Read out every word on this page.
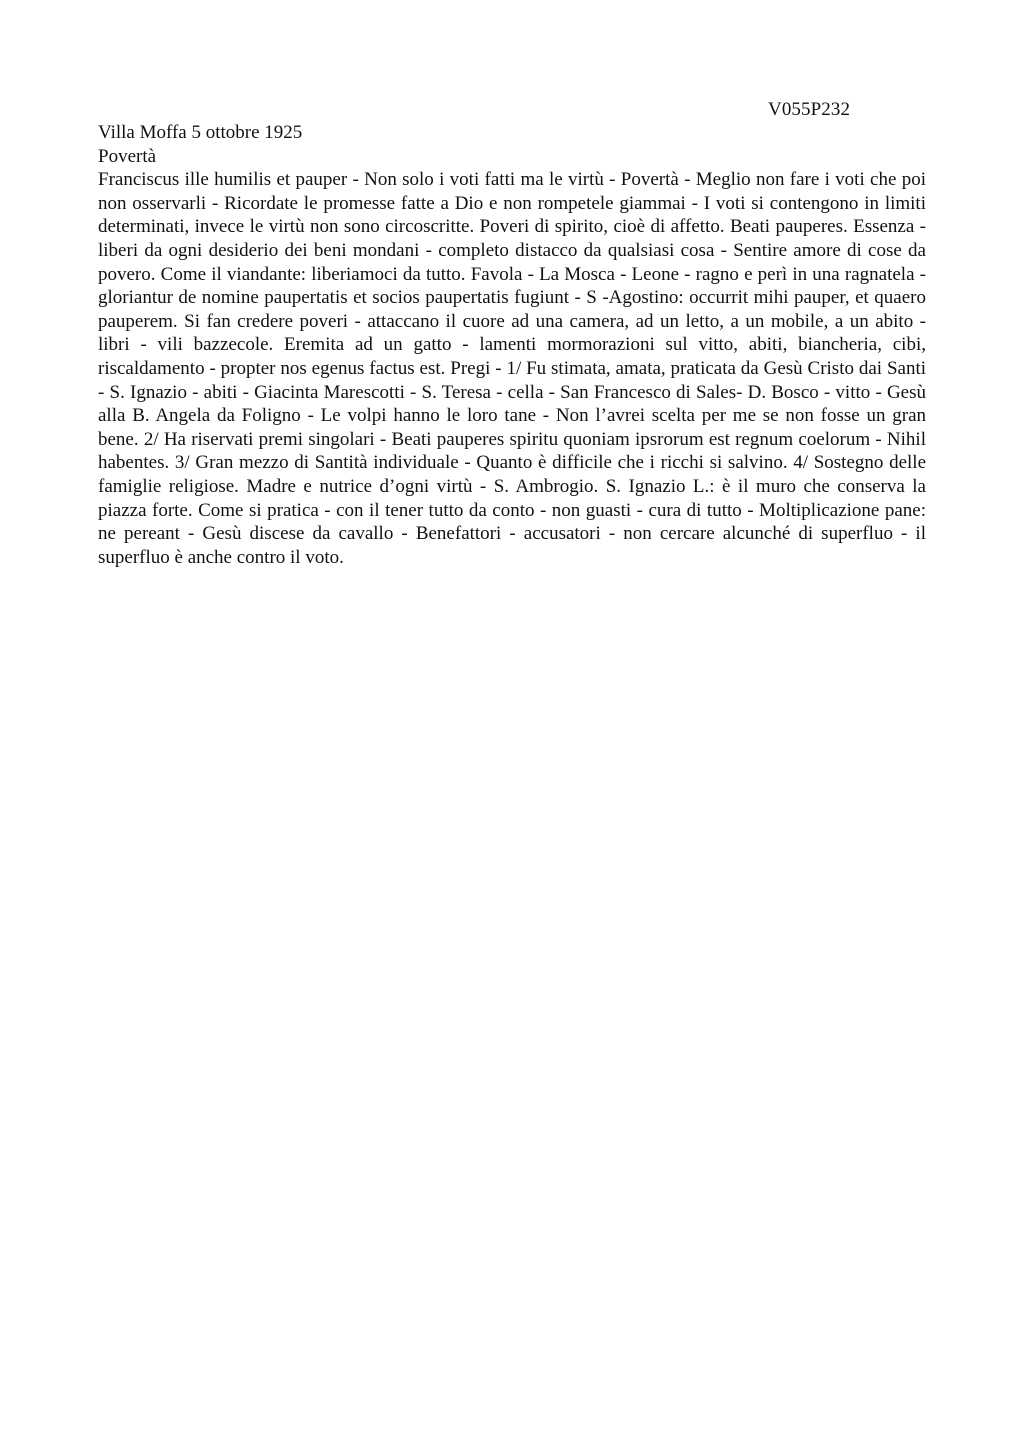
V055P232
Villa Moffa 5 ottobre 1925
Povertà

Franciscus ille humilis et pauper - Non solo i voti fatti ma le virtù - Povertà - Meglio non fare i voti che poi non osservarli - Ricordate le promesse fatte a Dio e non rompetele giammai - I voti si contengono in limiti determinati, invece le virtù non sono circoscritte. Poveri di spirito, cioè di affetto. Beati pauperes. Essenza - liberi da ogni desiderio dei beni mondani - completo distacco da qualsiasi cosa - Sentire amore di cose da povero. Come il viandante: liberiamoci da tutto. Favola - La Mosca - Leone - ragno e perì in una ragnatela - gloriantur de nomine paupertatis et socios paupertatis fugiunt - S -Agostino: occurrit mihi pauper, et quaero pauperem. Si fan credere poveri - attaccano il cuore ad una camera, ad un letto, a un mobile, a un abito - libri - vili bazzecole. Eremita ad un gatto - lamenti mormorazioni sul vitto, abiti, biancheria, cibi, riscaldamento - propter nos egenus factus est. Pregi - 1/ Fu stimata, amata, praticata da Gesù Cristo dai Santi - S. Ignazio - abiti - Giacinta Marescotti - S. Teresa - cella - San Francesco di Sales- D. Bosco - vitto - Gesù alla B. Angela da Foligno - Le volpi hanno le loro tane - Non l’avrei scelta per me se non fosse un gran bene. 2/ Ha riservati premi singolari - Beati pauperes spiritu quoniam ipsrorum est regnum coelorum - Nihil habentes. 3/ Gran mezzo di Santità individuale - Quanto è difficile che i ricchi si salvino. 4/ Sostegno delle famiglie religiose. Madre e nutrice d’ogni virtù - S. Ambrogio. S. Ignazio L.: è il muro che conserva la piazza forte. Come si pratica - con il tener tutto da conto - non guasti - cura di tutto - Moltiplicazione pane: ne pereant - Gesù discese da cavallo - Benefattori - accusatori - non cercare alcunché di superfluo - il superfluo è anche contro il voto.
